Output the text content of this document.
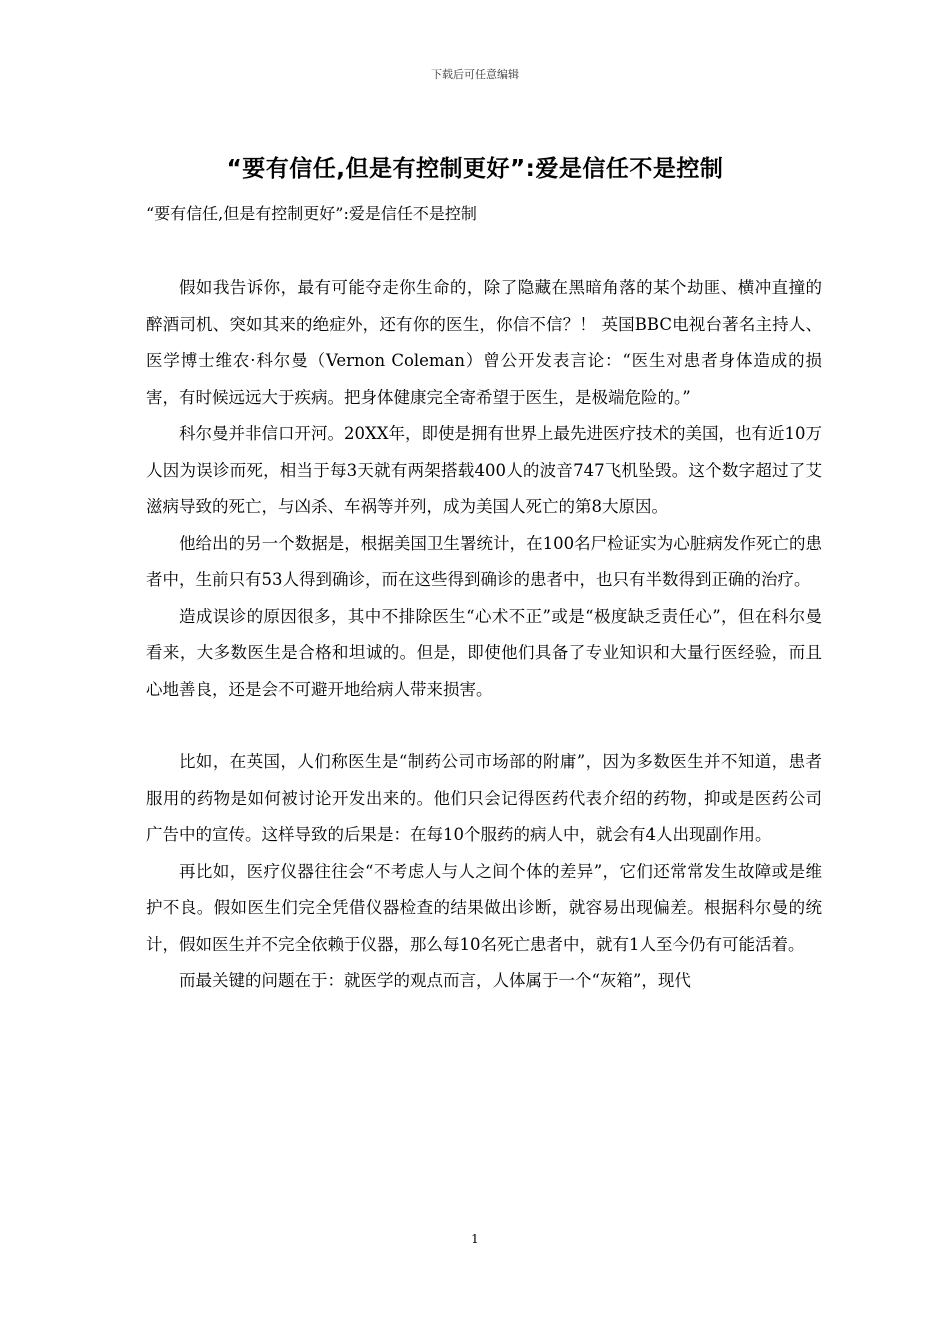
下载后可任意编辑
“要有信任,但是有控制更好”:爱是信任不是控制
“要有信任,但是有控制更好”:爱是信任不是控制

假如我告诉你，最有可能夺走你生命的，除了隐藏在黑暗角落的某个劫匪、横冲直撞的醉酒司机、突如其来的绝症外，还有你的医生，你信不信？！ 英国BBC电视台著名主持人、医学博士维农·科尔曼（Vernon Coleman）曾公开发表言论：“医生对患者身体造成的损害，有时候远远大于疾病。把身体健康完全寄希望于医生，是极端危险的。”

科尔曼并非信口开河。20XX年，即使是拥有世界上最先进医疗技术的美国，也有近10万人因为误诊而死，相当于每3天就有两架搭载400人的波音747飞机坠毁。这个数字超过了艾滋病导致的死亡，与凶杀、车祸等并列，成为美国人死亡的第8大原因。

他给出的另一个数据是，根据美国卫生署统计，在100名尸检证实为心脏病发作死亡的患者中，生前只有53人得到确诊，而在这些得到确诊的患者中，也只有半数得到正确的治疗。

造成误诊的原因很多，其中不排除医生“心术不正”或是“极度缺乏责任心”，但在科尔曼看来，大多数医生是合格和坦诚的。但是，即使他们具备了专业知识和大量行医经验，而且心地善良，还是会不可避开地给病人带来损害。

比如，在英国，人们称医生是“制药公司市场部的附庸”，因为多数医生并不知道，患者服用的药物是如何被讨论开发出来的。他们只会记得医药代表介绍的药物，抑或是医药公司广告中的宣传。这样导致的后果是：在每10个服药的病人中，就会有4人出现副作用。

再比如，医疗仪器往往会“不考虑人与人之间个体的差异”，它们还常常发生故障或是维护不良。假如医生们完全凭借仪器检查的结果做出诊断，就容易出现偏差。根据科尔曼的统计，假如医生并不完全依赖于仪器，那么每10名死亡患者中，就有1人至今仍有可能活着。

而最关键的问题在于：就医学的观点而言，人体属于一个“灰箱”，现代

1
